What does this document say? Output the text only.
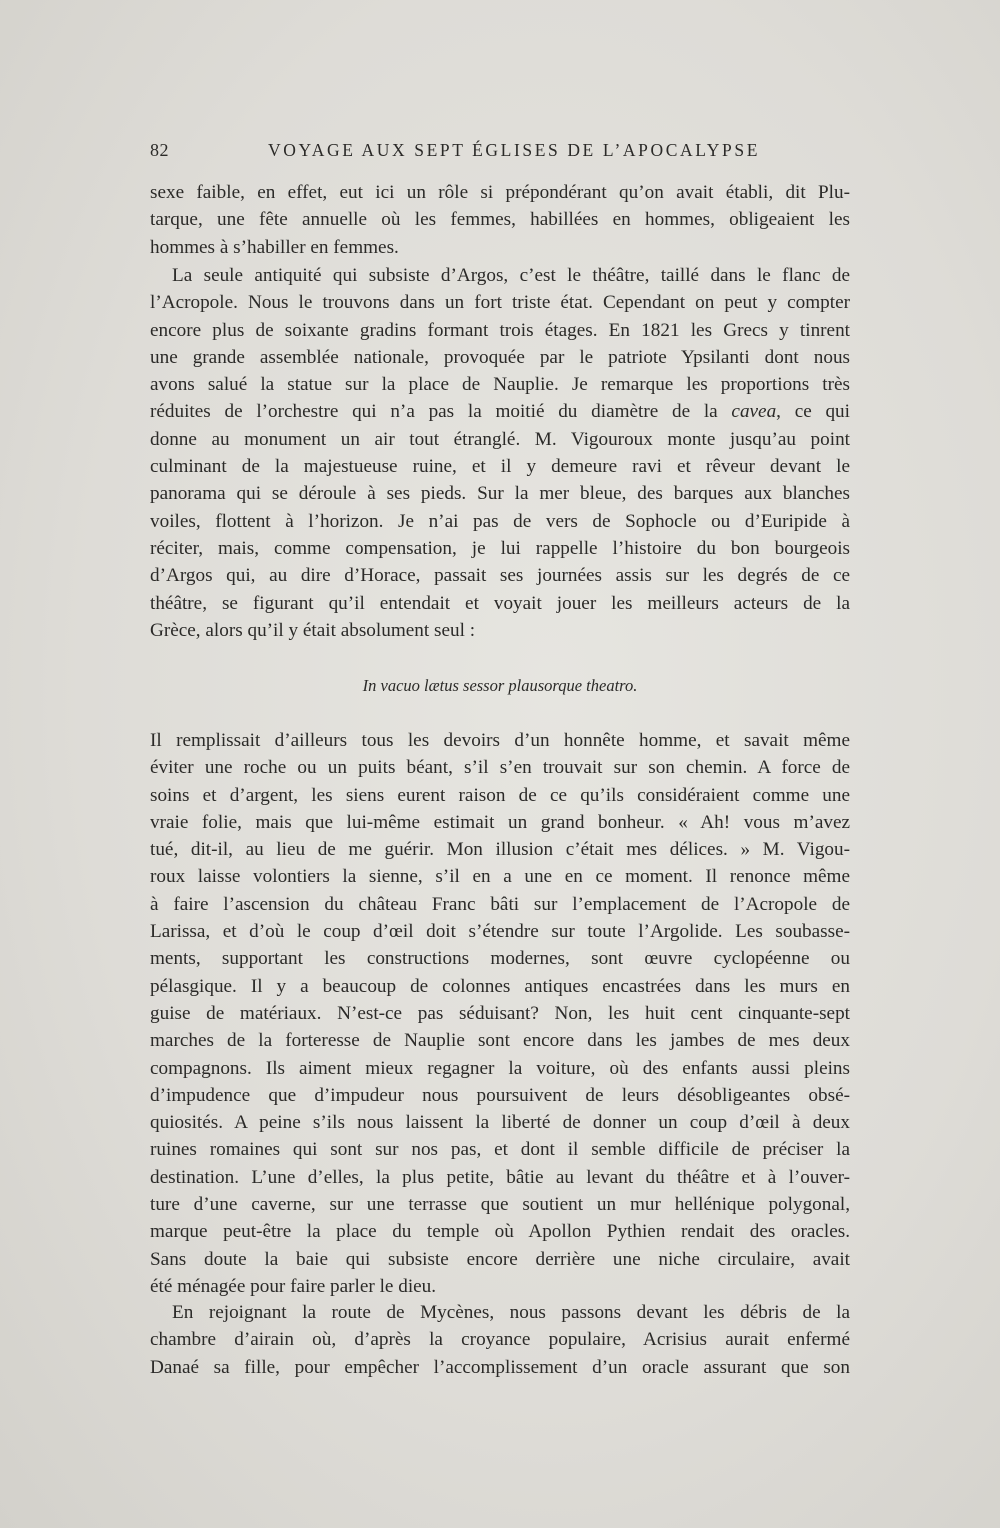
82	VOYAGE AUX SEPT ÉGLISES DE L’APOCALYPSE
sexe faible, en effet, eut ici un rôle si prépondérant qu’on avait établi, dit Plu-
tarque, une fête annuelle où les femmes, habillées en hommes, obligeaient les
hommes à s’habiller en femmes.
La seule antiquité qui subsiste d’Argos, c’est le théâtre, taillé dans le flanc de
l’Acropole. Nous le trouvons dans un fort triste état. Cependant on peut y compter
encore plus de soixante gradins formant trois étages. En 1821 les Grecs y tinrent
une grande assemblée nationale, provoquée par le patriote Ypsilanti dont nous
avons salué la statue sur la place de Nauplie. Je remarque les proportions très
réduites de l’orchestre qui n’a pas la moitié du diamètre de la cavea, ce qui
donne au monument un air tout étranglé. M. Vigouroux monte jusqu’au point
culminant de la majestueuse ruine, et il y demeure ravi et rêveur devant le
panorama qui se déroule à ses pieds. Sur la mer bleue, des barques aux blanches
voiles, flottent à l’horizon. Je n’ai pas de vers de Sophocle ou d’Euripide à
réciter, mais, comme compensation, je lui rappelle l’histoire du bon bourgeois
d’Argos qui, au dire d’Horace, passait ses journées assis sur les degrés de ce
théâtre, se figurant qu’il entendait et voyait jouer les meilleurs acteurs de la
Grèce, alors qu’il y était absolument seul :
In vacuo lætus sessor plausorque theatro.
Il remplissait d’ailleurs tous les devoirs d’un honnête homme, et savait même
éviter une roche ou un puits béant, s’il s’en trouvait sur son chemin. A force de
soins et d’argent, les siens eurent raison de ce qu’ils considéraient comme une
vraie folie, mais que lui-même estimait un grand bonheur. « Ah! vous m’avez
tué, dit-il, au lieu de me guérir. Mon illusion c’était mes délices. » M. Vigou-
roux laisse volontiers la sienne, s’il en a une en ce moment. Il renonce même
à faire l’ascension du château Franc bâti sur l’emplacement de l’Acropole de
Larissa, et d’où le coup d’œil doit s’étendre sur toute l’Argolide. Les soubasse-
ments, supportant les constructions modernes, sont œuvre cyclopéenne ou
pélasgique. Il y a beaucoup de colonnes antiques encastrées dans les murs en
guise de matériaux. N’est-ce pas séduisant? Non, les huit cent cinquante-sept
marches de la forteresse de Nauplie sont encore dans les jambes de mes deux
compagnons. Ils aiment mieux regagner la voiture, où des enfants aussi pleins
d’impudence que d’impudeur nous poursuivent de leurs désobligeantes obsé-
quiosités. A peine s’ils nous laissent la liberté de donner un coup d’œil à deux
ruines romaines qui sont sur nos pas, et dont il semble difficile de préciser la
destination. L’une d’elles, la plus petite, bâtie au levant du théâtre et à l’ouver-
ture d’une caverne, sur une terrasse que soutient un mur hellénique polygonal,
marque peut-être la place du temple où Apollon Pythien rendait des oracles.
Sans doute la baie qui subsiste encore derrière une niche circulaire, avait
été ménagée pour faire parler le dieu.
En rejoignant la route de Mycènes, nous passons devant les débris de la
chambre d’airain où, d’après la croyance populaire, Acrisius aurait enfermé
Danaé sa fille, pour empêcher l’accomplissement d’un oracle assurant que son
